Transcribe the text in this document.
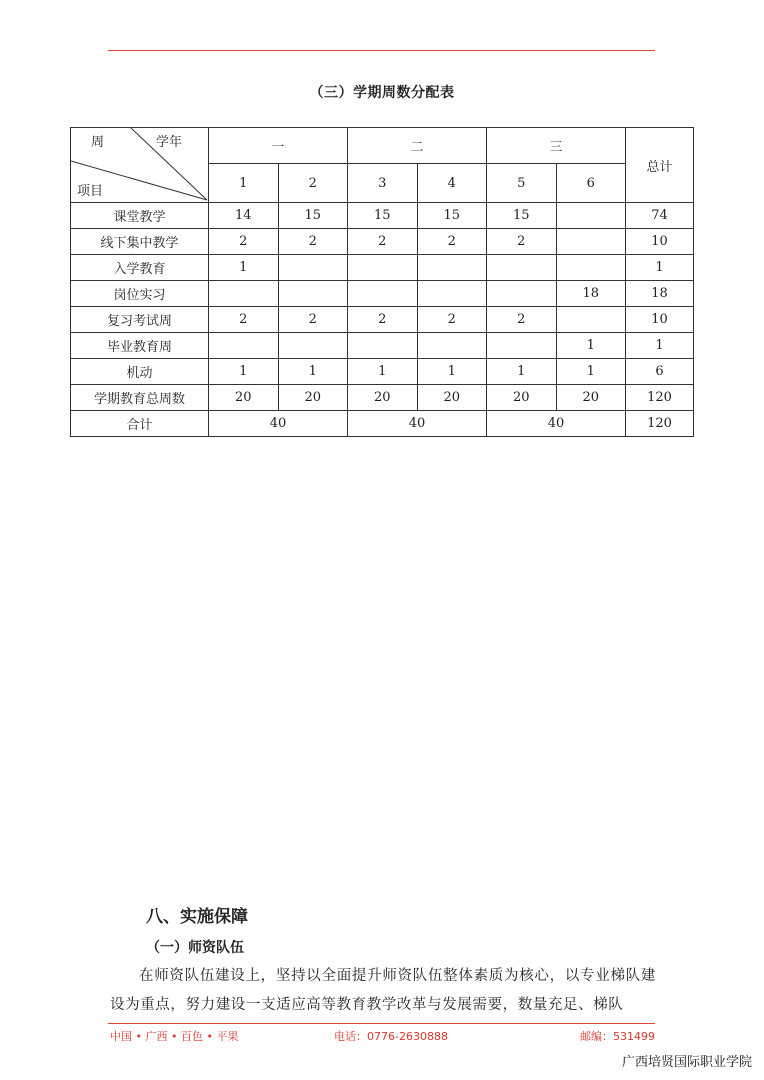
（三）学期周数分配表
周 学年
项目	一		二		三		总计
	1	2	3	4	5	6	
课堂教学	14	15	15	15	15		74
线下集中教学	2	2	2	2	2		10
入学教育	1						1
岗位实习						18	18
复习考试周	2	2	2	2	2		10
毕业教育周						1	1
机动	1	1	1	1	1	1	6
学期教育总周数	20	20	20	20	20	20	120
合计	40		40		40		120
八、实施保障
（一）师资队伍
在师资队伍建设上，坚持以全面提升师资队伍整体素质为核心，以专业梯队建设为重点，努力建设一支适应高等教育教学改革与发展需要，数量充足、梯队
中国 • 广西 • 百色 • 平果	电话：0776-2630888	邮编：531499
广西培贤国际职业学院
